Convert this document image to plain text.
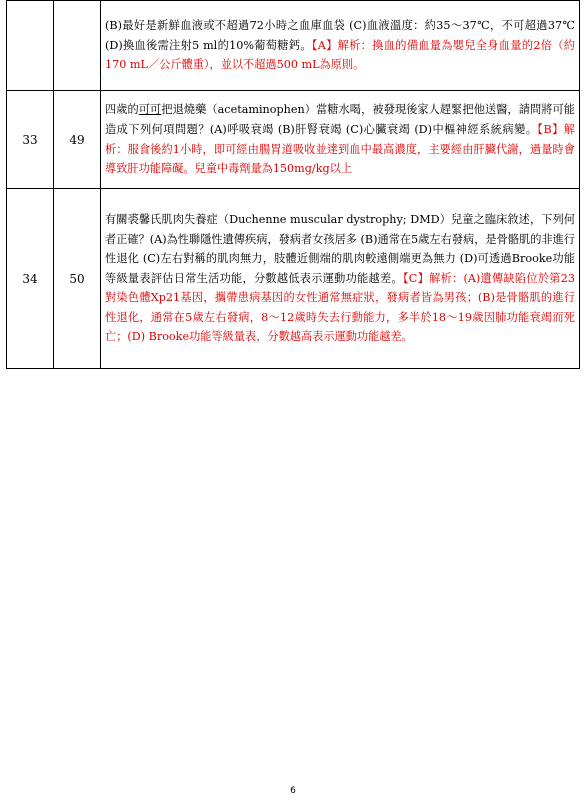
		(B)最好是新鮮血液或不超過72小時之血庫血袋 (C)血液溫度：約35～37℃，不可超過37℃ (D)換血後需注射5 ml的10%葡萄糖鈣。【A】解析：換血的備血量為嬰兒全身血量的2倍（約170 mL／公斤體重），並以不超過500 mL為原則。
33	49	四歲的可可把退燒藥（acetaminophen）當糖水喝，被發現後家人趕緊把他送醫，請問將可能造成下列何項問題？(A)呼吸衰竭 (B)肝腎衰竭 (C)心臟衰竭 (D)中樞神經系統病變。【B】解析：服食後約1小時，即可經由腸胃道吸收並達到血中最高濃度，主要經由肝臟代謝，過量時會導致肝功能障礙。兒童中毒劑量為150mg/kg以上
34	50	有關裘馨氏肌肉失養症（Duchenne muscular dystrophy; DMD）兒童之臨床敘述，下列何者正確？(A)為性聯隱性遺傳疾病，發病者女孩居多 (B)通常在5歲左右發病，是骨骼肌的非進行性退化 (C)左右對稱的肌肉無力，肢體近側端的肌肉較遠側端更為無力 (D)可透過Brooke功能等級量表評估日常生活功能，分數越低表示運動功能越差。【C】解析：(A)遺傳缺陷位於第23對染色體Xp21基因，攜帶患病基因的女性通常無症狀，發病者皆為男孩；(B)是骨骼肌的進行性退化，通常在5歲左右發病，8～12歲時失去行動能力，多半於18～19歲因肺功能衰竭而死亡；(D) Brooke功能等級量表，分數越高表示運動功能越差。
6
